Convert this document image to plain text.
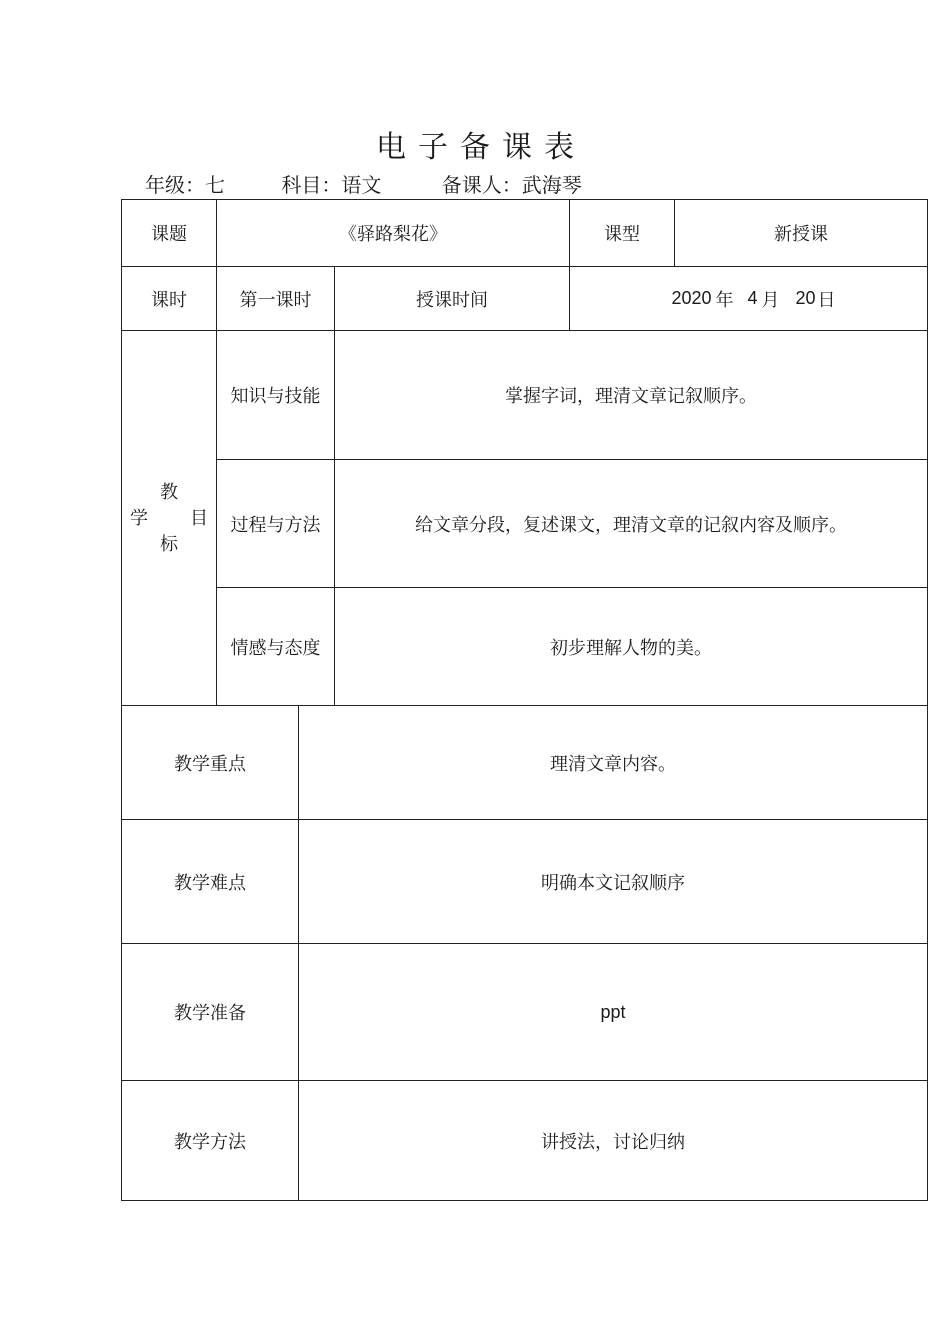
电子备课表
年级：七	科目：语文	备课人：武海琴
课题	《驿路梨花》	课型	新授课
课时	第一课时	授课时间	2020 年 4 月 20 日
教
学 目
标
知识与技能	掌握字词，理清文章记叙顺序。
过程与方法	给文章分段，复述课文，理清文章的记叙内容及顺序。
情感与态度	初步理解人物的美。
教学重点	理清文章内容。
教学难点	明确本文记叙顺序
教学准备	ppt
教学方法	讲授法，讨论归纳
